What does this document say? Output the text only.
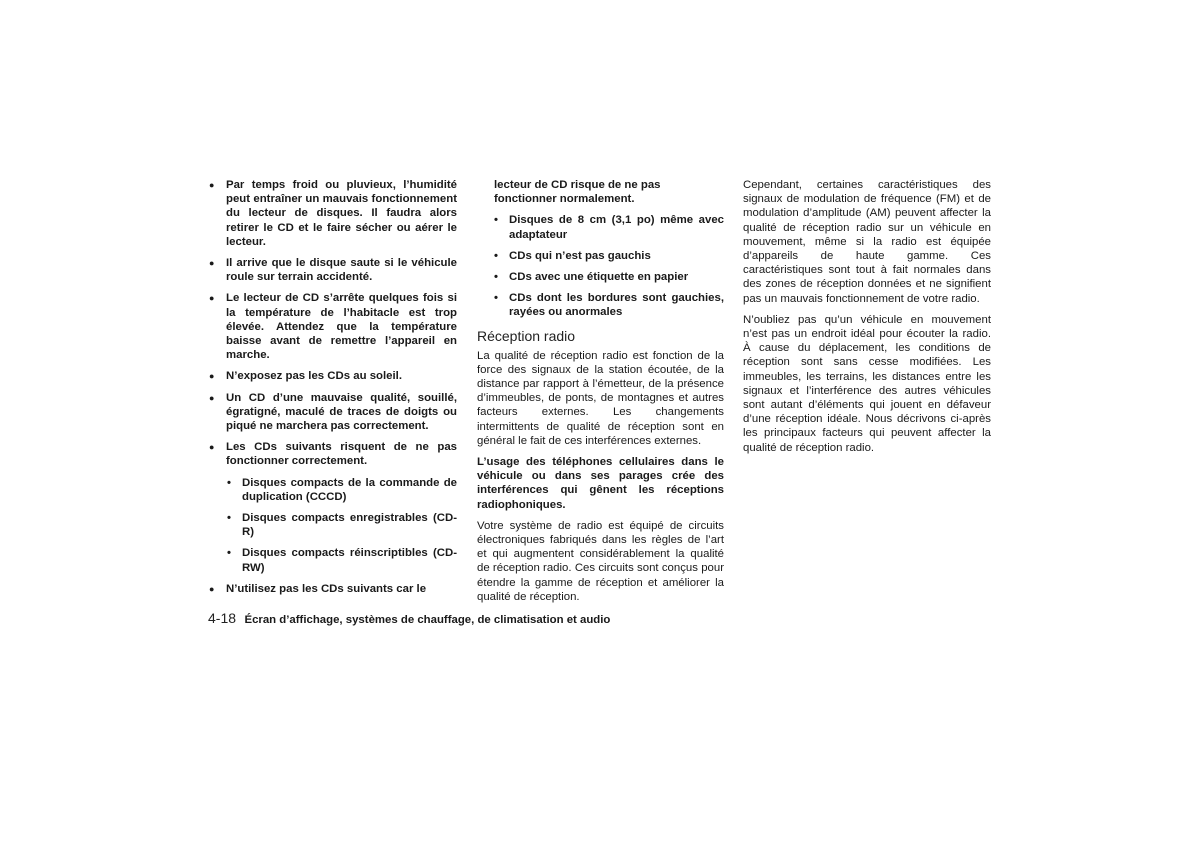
● Par temps froid ou pluvieux, l’humidité peut entraîner un mauvais fonctionnement du lecteur de disques. Il faudra alors retirer le CD et le faire sécher ou aérer le lecteur.
● Il arrive que le disque saute si le véhicule roule sur terrain accidenté.
● Le lecteur de CD s’arrête quelques fois si la température de l’habitacle est trop élevée. Attendez que la température baisse avant de remettre l’appareil en marche.
● N’exposez pas les CDs au soleil.
● Un CD d’une mauvaise qualité, souillé, égratigné, maculé de traces de doigts ou piqué ne marchera pas correctement.
● Les CDs suivants risquent de ne pas fonctionner correctement.
• Disques compacts de la commande de duplication (CCCD)
• Disques compacts enregistrables (CD-R)
• Disques compacts réinscriptibles (CD-RW)
● N’utilisez pas les CDs suivants car le
lecteur de CD risque de ne pas fonctionner normalement.
• Disques de 8 cm (3,1 po) même avec adaptateur
• CDs qui n’est pas gauchis
• CDs avec une étiquette en papier
• CDs dont les bordures sont gauchies, rayées ou anormales
Réception radio

La qualité de réception radio est fonction de la force des signaux de la station écoutée, de la distance par rapport à l’émetteur, de la présence d’immeubles, de ponts, de montagnes et autres facteurs externes. Les changements intermittents de qualité de réception sont en général le fait de ces interférences externes.

L’usage des téléphones cellulaires dans le véhicule ou dans ses parages crée des interférences qui gênent les réceptions radiophoniques.

Votre système de radio est équipé de circuits électroniques fabriqués dans les règles de l’art et qui augmentent considérablement la qualité de réception radio. Ces circuits sont conçus pour étendre la gamme de réception et améliorer la qualité de réception.

Cependant, certaines caractéristiques des signaux de modulation de fréquence (FM) et de modulation d’amplitude (AM) peuvent affecter la qualité de réception radio sur un véhicule en mouvement, même si la radio est équipée d’appareils de haute gamme. Ces caractéristiques sont tout à fait normales dans des zones de réception données et ne signifient pas un mauvais fonctionnement de votre radio.

N’oubliez pas qu’un véhicule en mouvement n’est pas un endroit idéal pour écouter la radio. À cause du déplacement, les conditions de réception sont sans cesse modifiées. Les immeubles, les terrains, les distances entre les signaux et l’interférence des autres véhicules sont autant d’éléments qui jouent en défaveur d’une réception idéale. Nous décrivons ci-après les principaux facteurs qui peuvent affecter la qualité de réception radio.

4-18 Écran d’affichage, systèmes de chauffage, de climatisation et audio
